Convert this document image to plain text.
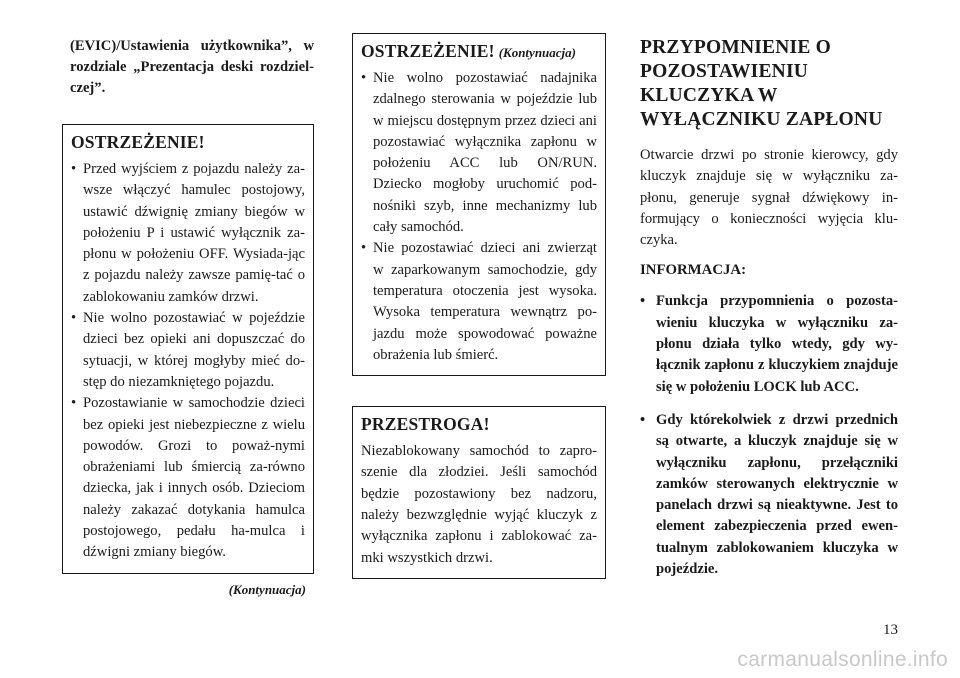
(EVIC)/Ustawienia użytkownika”, w rozdziale „Prezentacja deski rozdziel-czej”.
OSTRZEŻENIE!
• Przed wyjściem z pojazdu należy za-wsze włączyć hamulec postojowy, ustawić dźwignię zmiany biegów w położeniu P i ustawić wyłącznik za-płonu w położeniu OFF. Wysiada-jąc z pojazdu należy zawsze pamię-tać o zablokowaniu zamków drzwi.
• Nie wolno pozostawiać w pojeździe dzieci bez opieki ani dopuszczać do sytuacji, w której mogłyby mieć do-stęp do niezamkniętego pojazdu.
• Pozostawianie w samochodzie dzieci bez opieki jest niebezpieczne z wielu powodów. Grozi to poważ-nymi obrażeniami lub śmiercią za-równo dziecka, jak i innych osób. Dzieciom należy zakazać dotykania hamulca postojowego, pedału ha-mulca i dźwigni zmiany biegów.
(Kontynuacja)
OSTRZEŻENIE! (Kontynuacja)
• Nie wolno pozostawiać nadajnika zdalnego sterowania w pojeździe lub w miejscu dostępnym przez dzieci ani pozostawiać wyłącznika zapłonu w położeniu ACC lub ON/RUN. Dziecko mogłoby uruchomić pod-nośniki szyb, inne mechanizmy lub cały samochód.
• Nie pozostawiać dzieci ani zwierząt w zaparkowanym samochodzie, gdy temperatura otoczenia jest wysoka. Wysoka temperatura wewnątrz po-jazdu może spowodować poważne obrażenia lub śmierć.
PRZESTROGA!

Niezablokowany samochód to zapro-szenie dla złodziei. Jeśli samochód będzie pozostawiony bez nadzoru, należy bezwzględnie wyjąć kluczyk z wyłącznika zapłonu i zablokować za-mki wszystkich drzwi.

PRZYPOMNIENIE O
POZOSTAWIENIU
KLUCZYKA W
WYŁĄCZNIKU ZAPŁONU

Otwarcie drzwi po stronie kierowcy, gdy kluczyk znajduje się w wyłączniku za-płonu, generuje sygnał dźwiękowy in-formujący o konieczności wyjęcia klu-czyka.

INFORMACJA:
• Funkcja przypomnienia o pozosta-wieniu kluczyka w wyłączniku za-płonu działa tylko wtedy, gdy wy-łącznik zapłonu z kluczykiem znajduje się w położeniu LOCK lub ACC.
• Gdy którekolwiek z drzwi przednich są otwarte, a kluczyk znajduje się w wyłączniku zapłonu, przełączniki zamków sterowanych elektrycznie w panelach drzwi są nieaktywne. Jest to element zabezpieczenia przed ewen-tualnym zablokowaniem kluczyka w pojeździe.
13
carmanualsonline.info
